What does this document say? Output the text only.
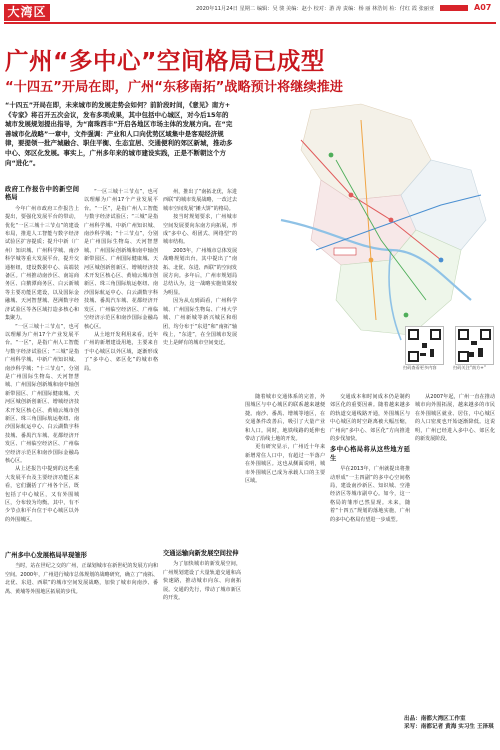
大湾区	2020年11月24日 星期二 编辑：吴 骏 美编：赵小 校对：游 涛 责编：杨 丽 林浩钊 检：付红 霞 张丽亚	A07
广州“多中心”空间格局已成型
“十四五”开局在即，广州“东移南拓”战略预计将继续推进
“十四五”开局在即，未来城市的发展走势会如何？前阶段时间，《意见》南方+《专家》将召开五次会议，发布多项成果，其中包括中心城区，对今后15年的城市发展规划提出指导，为“南珠西丰”开启各地区市场主体的发展方向。在“完善城市化战略”一章中，文件强调：产业和人口向优势区域集中是客观经济规律，要提领一批产城融合、职住平衡、生态宜居、交通便利的郊区新城，推动多中心、郊区化发展。事实上，广州多年来的城市建设实践，正是不断朝这个方向“进化”。
扫码查看更多内容	扫码关注“南方+”
政府工作报告中的新空间格局

今年广州市政府工作报告上提出，要强化发展平台的带动，优化“一区三城十三节点”的建设布局，推进人工智能与数字经济试验区扩容提质；提升中新（广州）知识城、广州科学城、南沙科学城等重大发展平台，提升交通枢纽，建设数据中心、高端装备区。广州推动南沙区、南站商务区、白鹅潭商务区、白云新城等主要功能区建设，以及国际金融城、天河智慧城、琶洲数字经济试验区等各区域打造多核心和集聚力。

“一区三城十三节点”，也可以理解为广州17个产业发展平台。“一区”，是指广州人工智能与数字经济试验区；“三城”是指广州科学城、中新广州知识城、南沙科学城；“十三节点”，分别是广州国际生物岛、天河智慧城、广州国际创新城和南中轴创新带园区、广州国际健康城、天河区城创新创新区、增城经济技术开发区核心区、黄埔云城市创新区、珠三角国际航运枢纽、南沙国际航运中心、白云湖数字科技城、番禺汽车城、花都经济开发区、广州临空经济区、广州临空经济示范区和南沙国际金融岛核心区。

从上述报告中提到的这些重大发展平台及主要经济功能区来看，它们囊括了广州各个区，既包括了中心城区，又有外围城区，分布较为均衡。其中，有不少节点和平台位于中心城区以外的外围城区。

“一区三城十三节点”，也可以理解为广州17个产业发展平台。“一区”，是指广州人工智能与数字经济试验区；“三城”是指广州科学城、中新广州知识城、南沙科学城；“十三节点”，分别是广州国际生物岛、天河智慧城、广州国际创新城和南中轴创新带园区、广州国际健康城、天河区城创新创新区、增城经济技术开发区核心区、黄埔云城市创新区、珠三角国际航运枢纽、南沙国际航运中心、白云湖数字科技城、番禺汽车城、花都经济开发区、广州临空经济区、广州临空经济示范区和南沙国际金融岛核心区。

从土地开发利用来看，近年广州的新增建设用地，主要来自于中心城区以外区域，逐渐形成了“多中心、郊区化”的城市格局。

广州多中心发展格局早现雏形

当时，站在世纪之交的广州，正谋划城市在新世纪的发展方向和空间。2000年，广州进行城市总体规划的战略研究，确立了“南拓、北优、东进、西联”的城市空间发展战略，加快了城市向南沙、番禺、黄埔等外围地区拓展的步伐。

州，推出了“南拓北优，东进西联”的城市发展战略，一改过去城市空间发展“摊大饼”的格局。

按当时规划要求，广州城市空间发展要向东南方向拓展，形成“多中心、组团式、网络型”的城市结构。

2003年，广州城市总体发展战略规划出台，其中提出了“南拓、北优、东进、西联”的空间发展方向。多年后，广州市规划局总结认为，这一战略实施效果较为明显。

因为从点到面看，广州科学城、广州国际生物岛、广州大学城、广州新城等新兴城区和组团，均分布于“东进”和“南拓”轴线上，“东进”，在全国城市发展史上是鲜有的城市空间变迁。

交通运输向新发展空间拉伸

为了加快城市的新发展空间，广州规划建设了大量轨道交通和高快速路，推动城市向东、向南拓展。交通的先行，带动了城市新区的开发。

随着城市交通体系的完善，外围城区与中心城区的联系越来越便捷。南沙、番禺、增城等地区，在交通条件改善后，吸引了大量产业和人口。同时，地铁线路的延伸也带动了沿线土地的开发。

更有研究显示，广州近十年来新增常住人口中，有超过一半落户在外围城区。这也从侧面说明，城市外围城区已成为承载人口的主要区域。

交通成本和时间成本仍是制约郊区化的重要因素。随着越来越多的轨道交通线路开通，外围城区与中心城区的时空距离被大幅压缩，广州向“多中心、郊区化”方向推进的步伐加快。

多中心格局将从这些地方延生

早在2013年，广州就提出将推动形成“一主四副”的多中心空间格局，建设南沙新区、知识城、空港经济区等城市副中心。如今，这一格局的雏形已然显现。未来，随着“十四五”规划的落地实施，广州的多中心格局有望进一步成型。

从2007年起，广州一直在推动城市向外围拓展，越来越多的市民在外围城区就业、居住，中心城区的人口密度也开始逐渐降低。这说明，广州已经进入多中心、郊区化的新发展阶段。

出品：南都大湾区工作室
采写：南都记者 黄海 实习生 王泽琪
